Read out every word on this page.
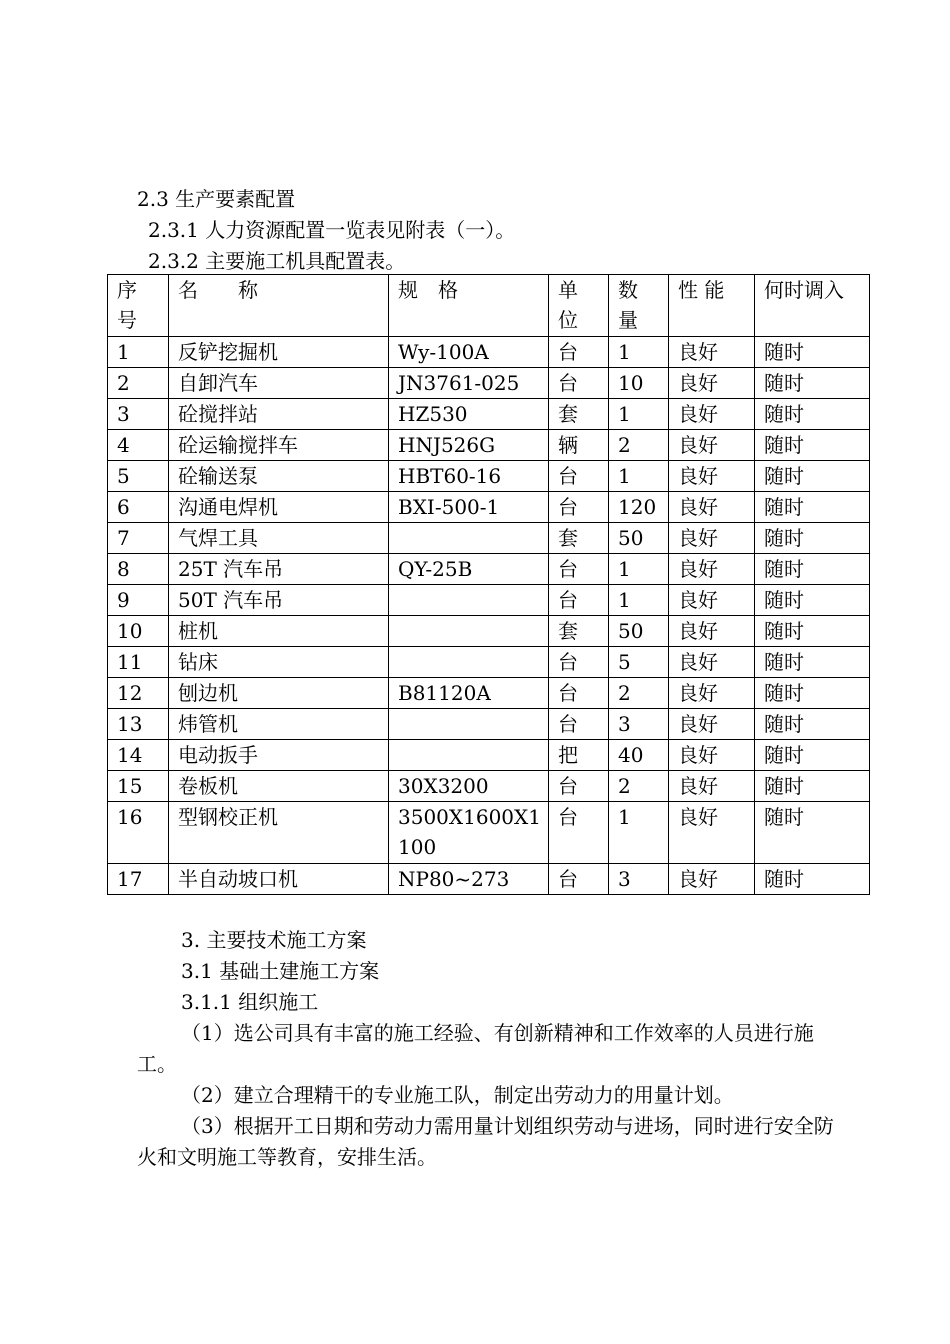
2.3 生产要素配置
2.3.1 人力资源配置一览表见附表（一）。
2.3.2 主要施工机具配置表。
序号	名　　称	规　格	单位	数量	性 能	何时调入
1	反铲挖掘机	Wy-100A	台	1	良好	随时
2	自卸汽车	JN3761-025	台	10	良好	随时
3	砼搅拌站	HZ530	套	1	良好	随时
4	砼运输搅拌车	HNJ526G	辆	2	良好	随时
5	砼输送泵	HBT60-16	台	1	良好	随时
6	沟通电焊机	BXI-500-1	台	120	良好	随时
7	气焊工具		套	50	良好	随时
8	25T 汽车吊	QY-25B	台	1	良好	随时
9	50T 汽车吊		台	1	良好	随时
10	桩机		套	50	良好	随时
11	钻床		台	5	良好	随时
12	刨边机	B81120A	台	2	良好	随时
13	炜管机		台	3	良好	随时
14	电动扳手		把	40	良好	随时
15	卷板机	30X3200	台	2	良好	随时
16	型钢校正机	3500X1600X1100	台	1	良好	随时
17	半自动坡口机	NP80~273	台	3	良好	随时
3. 主要技术施工方案
3.1 基础土建施工方案
3.1.1 组织施工
（1）选公司具有丰富的施工经验、有创新精神和工作效率的人员进行施工。
（2）建立合理精干的专业施工队，制定出劳动力的用量计划。
（3）根据开工日期和劳动力需用量计划组织劳动与进场，同时进行安全防火和文明施工等教育，安排生活。
